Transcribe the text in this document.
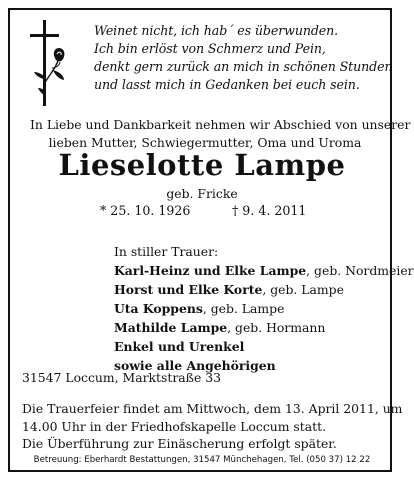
Weinet nicht, ich hab´ es überwunden.
Ich bin erlöst von Schmerz und Pein,
denkt gern zurück an mich in schönen Stunden
und lasst mich in Gedanken bei euch sein.
In Liebe und Dankbarkeit nehmen wir Abschied von unserer
lieben Mutter, Schwiegermutter, Oma und Uroma
Lieselotte Lampe
geb. Fricke
* 25. 10. 1926	† 9. 4. 2011
In stiller Trauer:
Karl-Heinz und Elke Lampe, geb. Nordmeier
Horst und Elke Korte, geb. Lampe
Uta Koppens, geb. Lampe
Mathilde Lampe, geb. Hormann
Enkel und Urenkel
sowie alle Angehörigen
31547 Loccum, Marktstraße 33
Die Trauerfeier findet am Mittwoch, dem 13. April 2011, um
14.00 Uhr in der Friedhofskapelle Loccum statt.
Die Überführung zur Einäscherung erfolgt später.
Betreuung: Eberhardt Bestattungen, 31547 Münchehagen, Tel. (050 37) 12 22
